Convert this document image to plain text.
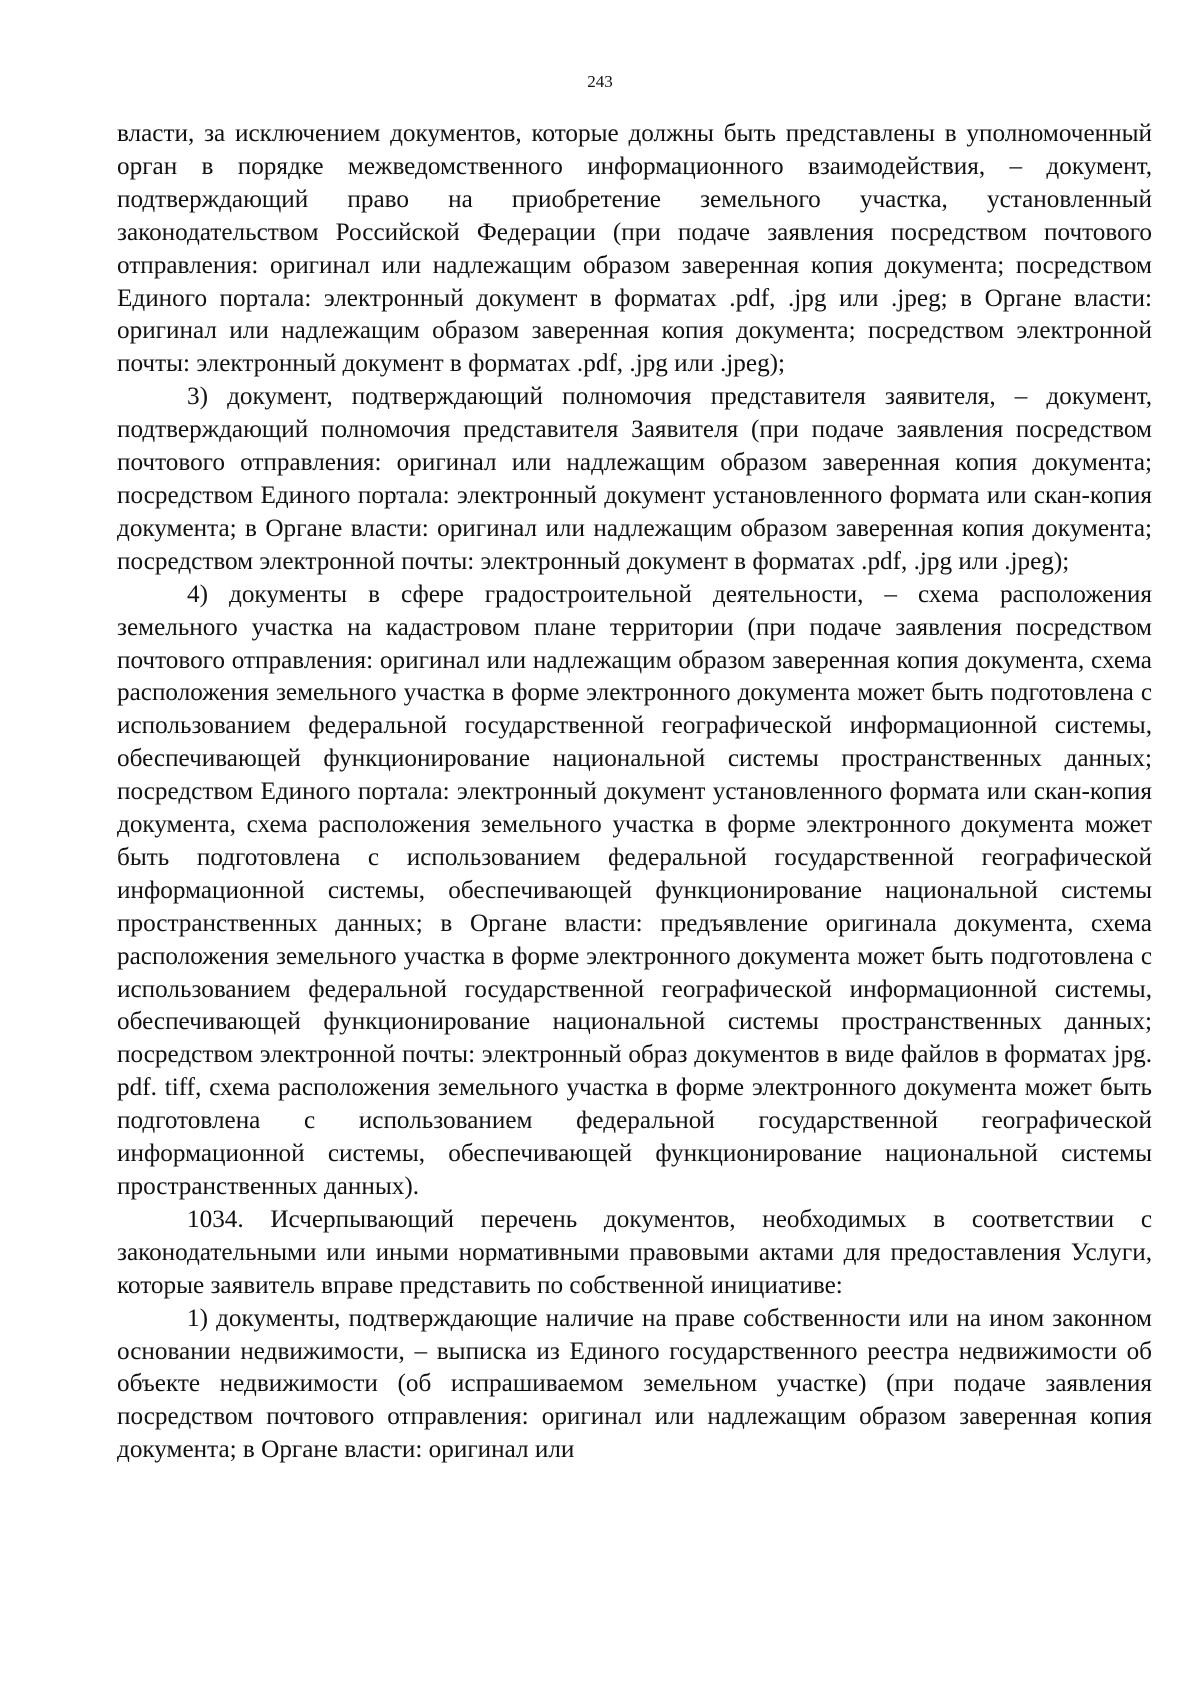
243

власти, за исключением документов, которые должны быть представлены в уполномоченный орган в порядке межведомственного информационного взаимодействия, – документ, подтверждающий право на приобретение земельного участка, установленный законодательством Российской Федерации (при подаче заявления посредством почтового отправления: оригинал или надлежащим образом заверенная копия документа; посредством Единого портала: электронный документ в форматах .pdf, .jpg или .jpeg; в Органе власти: оригинал или надлежащим образом заверенная копия документа; посредством электронной почты: электронный документ в форматах .pdf, .jpg или .jpeg);

3) документ, подтверждающий полномочия представителя заявителя, – документ, подтверждающий полномочия представителя Заявителя (при подаче заявления посредством почтового отправления: оригинал или надлежащим образом заверенная копия документа; посредством Единого портала: электронный документ установленного формата или скан-копия документа; в Органе власти: оригинал или надлежащим образом заверенная копия документа; посредством электронной почты: электронный документ в форматах .pdf, .jpg или .jpeg);

4) документы в сфере градостроительной деятельности, – схема расположения земельного участка на кадастровом плане территории (при подаче заявления посредством почтового отправления: оригинал или надлежащим образом заверенная копия документа, схема расположения земельного участка в форме электронного документа может быть подготовлена с использованием федеральной государственной географической информационной системы, обеспечивающей функционирование национальной системы пространственных данных; посредством Единого портала: электронный документ установленного формата или скан-копия документа, схема расположения земельного участка в форме электронного документа может быть подготовлена с использованием федеральной государственной географической информационной системы, обеспечивающей функционирование национальной системы пространственных данных; в Органе власти: предъявление оригинала документа, схема расположения земельного участка в форме электронного документа может быть подготовлена с использованием федеральной государственной географической информационной системы, обеспечивающей функционирование национальной системы пространственных данных; посредством электронной почты: электронный образ документов в виде файлов в форматах jpg. pdf. tiff, схема расположения земельного участка в форме электронного документа может быть подготовлена с использованием федеральной государственной географической информационной системы, обеспечивающей функционирование национальной системы пространственных данных).

1034. Исчерпывающий перечень документов, необходимых в соответствии с законодательными или иными нормативными правовыми актами для предоставления Услуги, которые заявитель вправе представить по собственной инициативе:

1) документы, подтверждающие наличие на праве собственности или на ином законном основании недвижимости, – выписка из Единого государственного реестра недвижимости об объекте недвижимости (об испрашиваемом земельном участке) (при подаче заявления посредством почтового отправления: оригинал или надлежащим образом заверенная копия документа; в Органе власти: оригинал или
